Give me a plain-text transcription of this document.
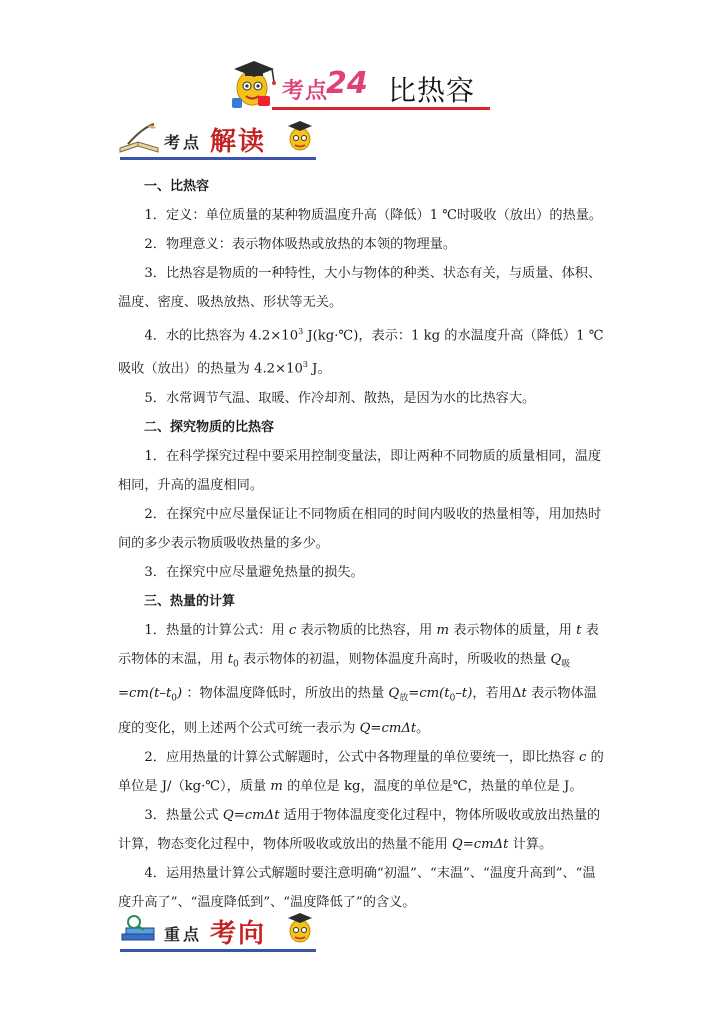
考点
24 比热容
考点 解读

一、比热容

1．定义：单位质量的某种物质温度升高（降低）1 ℃时吸收（放出）的热量。

2．物理意义：表示物体吸热或放热的本领的物理量。

3．比热容是物质的一种特性，大小与物体的种类、状态有关，与质量、体积、温度、密度、吸热放热、形状等无关。

4．水的比热容为 $4.2\times 10^3$ J(kg·℃)，表示：1 kg 的水温度升高（降低）1 ℃吸收（放出）的热量为 $4.2\times 10^3$ J。

5．水常调节气温、取暖、作冷却剂、散热，是因为水的比热容大。

二、探究物质的比热容

1．在科学探究过程中要采用控制变量法，即让两种不同物质的质量相同，温度相同，升高的温度相同。

2．在探究中应尽量保证让不同物质在相同的时间内吸收的热量相等，用加热时间的多少表示物质吸收热量的多少。

3．在探究中应尽量避免热量的损失。

三、热量的计算

1．热量的计算公式：用 c 表示物质的比热容，用 m 表示物体的质量，用 t 表示物体的末温，用 $t_0$ 表示物体的初温，则物体温度升高时，所吸收的热量 $Q_吸=cm(t-t_0)$ ：物体温度降低时，所放出的热量 $Q_放=cm(t_0-t)$，若用Δt 表示物体温度的变化，则上述两个公式可统一表示为 Q=cmΔt。

2．应用热量的计算公式解题时，公式中各物理量的单位要统一，即比热容 c 的单位是 J/（kg·℃），质量 m 的单位是 kg，温度的单位是℃，热量的单位是 J。

3．热量公式 Q=cmΔt 适用于物体温度变化过程中，物体所吸收或放出热量的计算，物态变化过程中，物体所吸收或放出的热量不能用 Q=cmΔt 计算。

4．运用热量计算公式解题时要注意明确“初温”、“末温”、“温度升高到”、“温度升高了”、“温度降低到”、“温度降低了”的含义。

重点 考向
